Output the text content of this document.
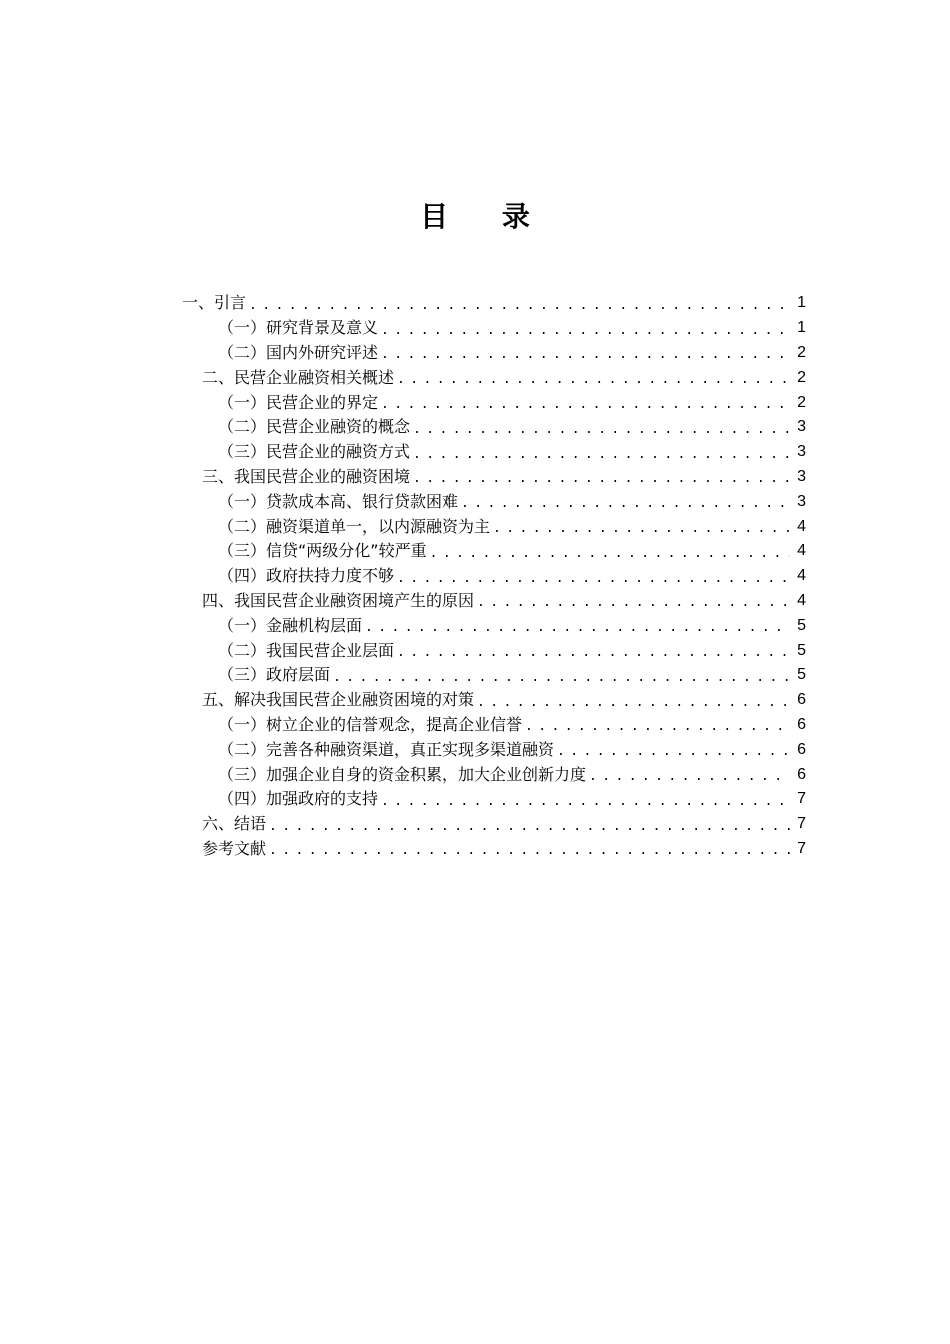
目 录
一、引言 .....	1
（一）研究背景及意义 .....	1
（二）国内外研究评述 .....	2
二、民营企业融资相关概述 .....	2
（一）民营企业的界定 .....	2
（二）民营企业融资的概念 .....	3
（三）民营企业的融资方式 .....	3
三、我国民营企业的融资困境 .....	3
（一）贷款成本高、银行贷款困难 .....	3
（二）融资渠道单一，以内源融资为主 .....	4
（三）信贷“两级分化”较严重 .....	4
（四）政府扶持力度不够 .....	4
四、我国民营企业融资困境产生的原因 .....	4
（一）金融机构层面 .....	5
（二）我国民营企业层面 .....	5
（三）政府层面 .....	5
五、解决我国民营企业融资困境的对策 .....	6
（一）树立企业的信誉观念，提高企业信誉 .....	6
（二）完善各种融资渠道，真正实现多渠道融资 .....	6
（三）加强企业自身的资金积累，加大企业创新力度 .....	6
（四）加强政府的支持 .....	7
六、结语 .....	7
参考文献 .....	7
